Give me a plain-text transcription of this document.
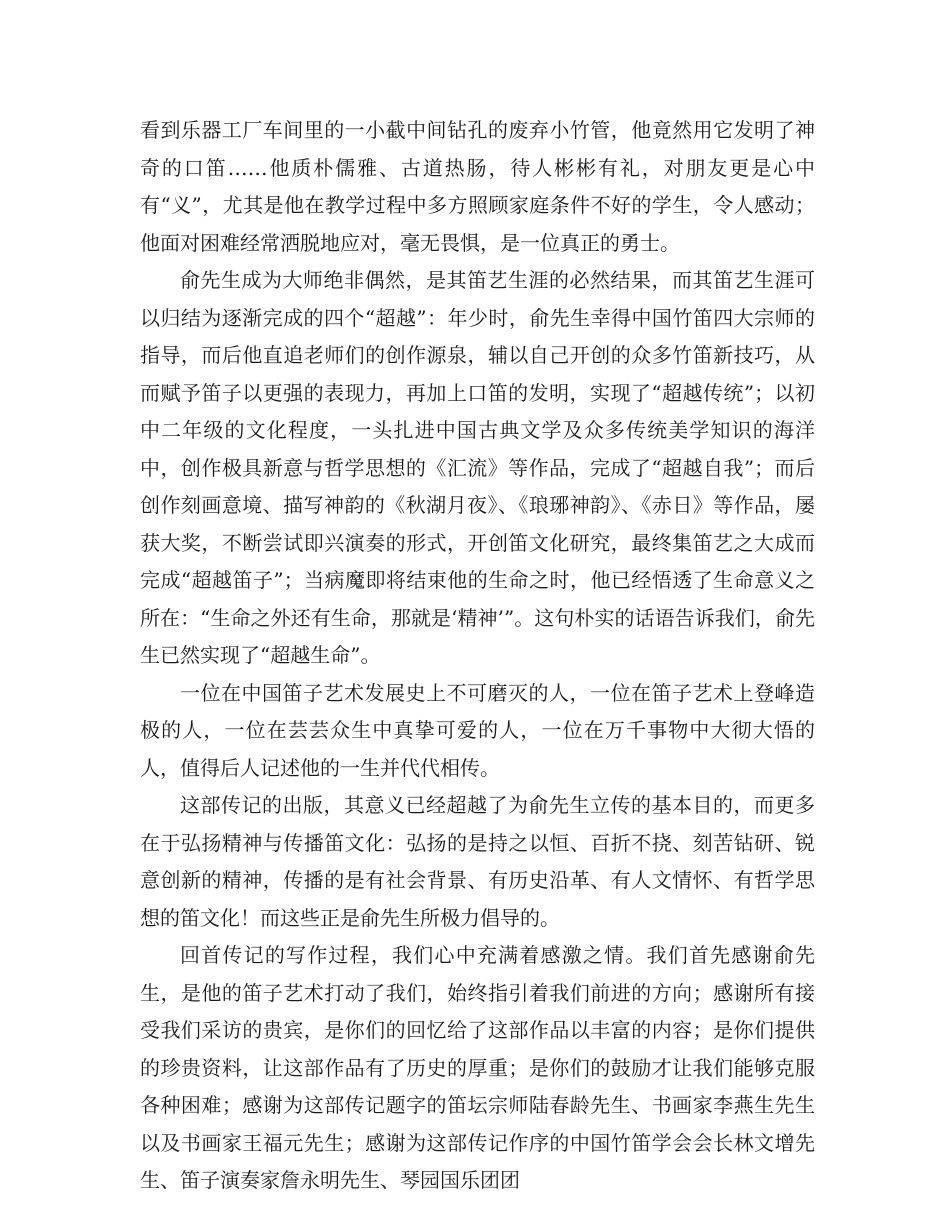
看到乐器工厂车间里的一小截中间钻孔的废弃小竹管，他竟然用它发明了神奇的口笛……他质朴儒雅、古道热肠，待人彬彬有礼，对朋友更是心中有“义”，尤其是他在教学过程中多方照顾家庭条件不好的学生，令人感动；他面对困难经常洒脱地应对，毫无畏惧，是一位真正的勇士。

俞先生成为大师绝非偶然，是其笛艺生涯的必然结果，而其笛艺生涯可以归结为逐渐完成的四个“超越”：年少时，俞先生幸得中国竹笛四大宗师的指导，而后他直追老师们的创作源泉，辅以自己开创的众多竹笛新技巧，从而赋予笛子以更强的表现力，再加上口笛的发明，实现了“超越传统”；以初中二年级的文化程度，一头扎进中国古典文学及众多传统美学知识的海洋中，创作极具新意与哲学思想的《汇流》等作品，完成了“超越自我”；而后创作刻画意境、描写神韵的《秋湖月夜》、《琅琊神韵》、《赤日》等作品，屡获大奖，不断尝试即兴演奏的形式，开创笛文化研究，最终集笛艺之大成而完成“超越笛子”；当病魔即将结束他的生命之时，他已经悟透了生命意义之所在：“生命之外还有生命，那就是‘精神’”。这句朴实的话语告诉我们，俞先生已然实现了“超越生命”。

一位在中国笛子艺术发展史上不可磨灭的人，一位在笛子艺术上登峰造极的人，一位在芸芸众生中真挚可爱的人，一位在万千事物中大彻大悟的人，值得后人记述他的一生并代代相传。

这部传记的出版，其意义已经超越了为俞先生立传的基本目的，而更多在于弘扬精神与传播笛文化：弘扬的是持之以恒、百折不挠、刻苦钻研、锐意创新的精神，传播的是有社会背景、有历史沿革、有人文情怀、有哲学思想的笛文化！而这些正是俞先生所极力倡导的。

回首传记的写作过程，我们心中充满着感激之情。我们首先感谢俞先生，是他的笛子艺术打动了我们，始终指引着我们前进的方向；感谢所有接受我们采访的贵宾，是你们的回忆给了这部作品以丰富的内容；是你们提供的珍贵资料，让这部作品有了历史的厚重；是你们的鼓励才让我们能够克服各种困难；感谢为这部传记题字的笛坛宗师陆春龄先生、书画家李燕生先生以及书画家王福元先生；感谢为这部传记作序的中国竹笛学会会长林文增先生、笛子演奏家詹永明先生、琴园国乐团团
